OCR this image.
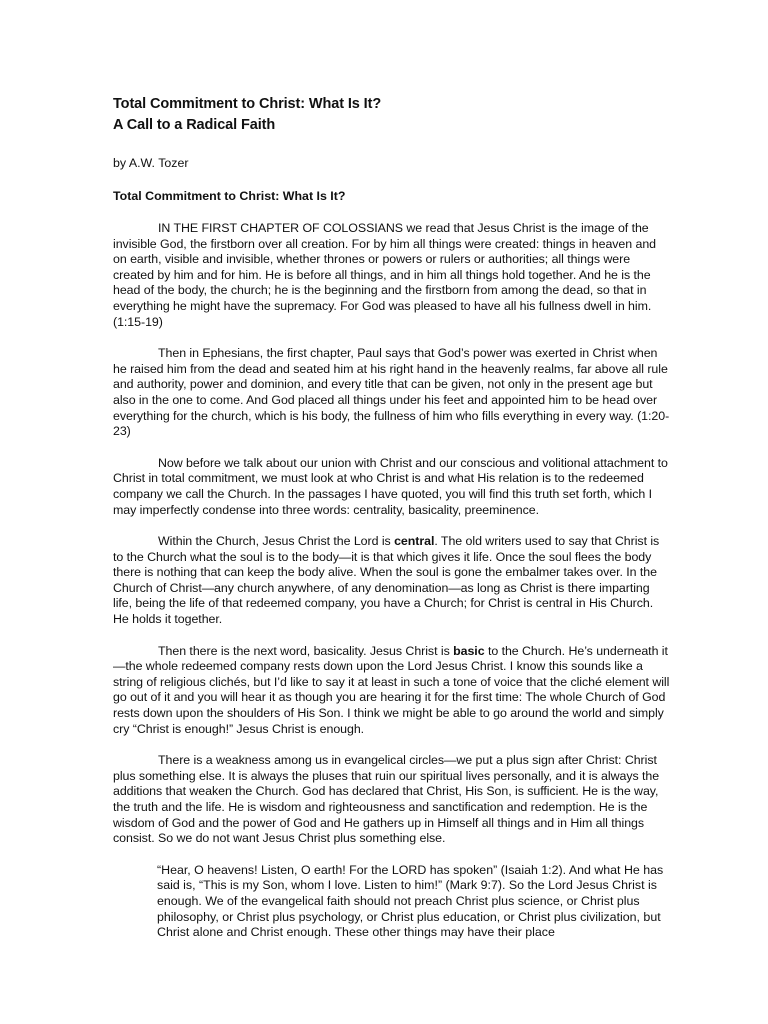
Total Commitment to Christ: What Is It?
A Call to a Radical Faith

by A.W. Tozer

Total Commitment to Christ: What Is It?

IN THE FIRST CHAPTER OF COLOSSIANS we read that Jesus Christ is the image of the invisible God, the firstborn over all creation. For by him all things were created: things in heaven and on earth, visible and invisible, whether thrones or powers or rulers or authorities; all things were created by him and for him. He is before all things, and in him all things hold together. And he is the head of the body, the church; he is the beginning and the firstborn from among the dead, so that in everything he might have the supremacy. For God was pleased to have all his fullness dwell in him. (1:15-19)

Then in Ephesians, the first chapter, Paul says that God’s power was exerted in Christ when he raised him from the dead and seated him at his right hand in the heavenly realms, far above all rule and authority, power and dominion, and every title that can be given, not only in the present age but also in the one to come. And God placed all things under his feet and appointed him to be head over everything for the church, which is his body, the fullness of him who fills everything in every way. (1:20-23)

Now before we talk about our union with Christ and our conscious and volitional attachment to Christ in total commitment, we must look at who Christ is and what His relation is to the redeemed company we call the Church. In the passages I have quoted, you will find this truth set forth, which I may imperfectly condense into three words: centrality, basicality, preeminence.

Within the Church, Jesus Christ the Lord is central. The old writers used to say that Christ is to the Church what the soul is to the body—it is that which gives it life. Once the soul flees the body there is nothing that can keep the body alive. When the soul is gone the embalmer takes over. In the Church of Christ—any church anywhere, of any denomination—as long as Christ is there imparting life, being the life of that redeemed company, you have a Church; for Christ is central in His Church. He holds it together.

Then there is the next word, basicality. Jesus Christ is basic to the Church. He’s underneath it—the whole redeemed company rests down upon the Lord Jesus Christ. I know this sounds like a string of religious clichés, but I’d like to say it at least in such a tone of voice that the cliché element will go out of it and you will hear it as though you are hearing it for the first time: The whole Church of God rests down upon the shoulders of His Son. I think we might be able to go around the world and simply cry “Christ is enough!” Jesus Christ is enough.

There is a weakness among us in evangelical circles—we put a plus sign after Christ: Christ plus something else. It is always the pluses that ruin our spiritual lives personally, and it is always the additions that weaken the Church. God has declared that Christ, His Son, is sufficient. He is the way, the truth and the life. He is wisdom and righteousness and sanctification and redemption. He is the wisdom of God and the power of God and He gathers up in Himself all things and in Him all things consist. So we do not want Jesus Christ plus something else.

“Hear, O heavens! Listen, O earth! For the LORD has spoken” (Isaiah 1:2). And what He has said is, “This is my Son, whom I love. Listen to him!” (Mark 9:7). So the Lord Jesus Christ is enough. We of the evangelical faith should not preach Christ plus science, or Christ plus philosophy, or Christ plus psychology, or Christ plus education, or Christ plus civilization, but Christ alone and Christ enough. These other things may have their place
